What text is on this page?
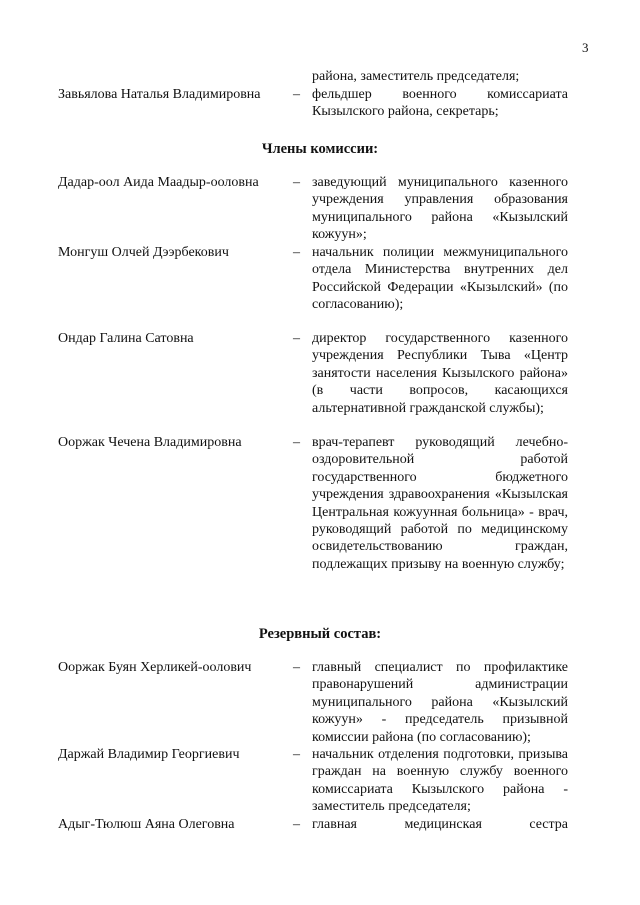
3
района, заместитель председателя;
Завьялова Наталья Владимировна – фельдшер военного комиссариата Кызылского района, секретарь;
Члены комиссии:
Дадар-оол Аида Маадыр-ооловна – заведующий муниципального казенного учреждения управления образования муниципального района «Кызылский кожуун»;
Монгуш Олчей Дээрбекович	– начальник полиции межмуниципального отдела Министерства внутренних дел Российской Федерации «Кызылский» (по согласованию);
Ондар Галина Сатовна	– директор государственного казенного учреждения Республики Тыва «Центр занятости населения Кызылского района» (в части вопросов, касающихся альтернативной гражданской службы);
Ооржак Чечена Владимировна	– врач-терапевт руководящий лечебно-оздоровительной работой государственного бюджетного учреждения здравоохранения «Кызылская Центральная кожуунная больница» - врач, руководящий работой по медицинскому освидетельствованию граждан, подлежащих призыву на военную службу;
Резервный состав:
Ооржак Буян Херликей-оолович	– главный специалист по профилактике правонарушений администрации муниципального района «Кызылский кожуун» - председатель призывной комиссии района (по согласованию);
Даржай Владимир Георгиевич	– начальник отделения подготовки, призыва граждан на военную службу военного комиссариата Кызылского района - заместитель председателя;
Адыг-Тюлюш Аяна Олеговна	– главная медицинская сестра
